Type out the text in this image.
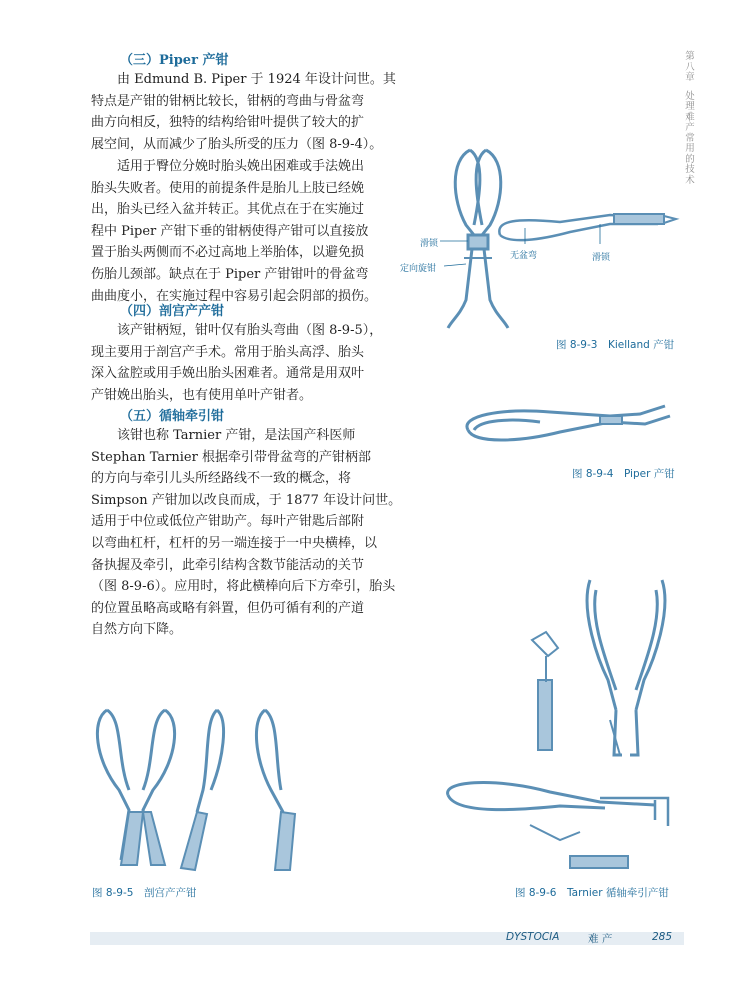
第八章
处理难产常用的技术
（三）Piper 产钳

由 Edmund B. Piper 于 1924 年设计问世。其
特点是产钳的钳柄比较长，钳柄的弯曲与骨盆弯
曲方向相反，独特的结构给钳叶提供了较大的扩
展空间，从而减少了胎头所受的压力（图 8-9-4）。

适用于臀位分娩时胎头娩出困难或手法娩出
胎头失败者。使用的前提条件是胎儿上肢已经娩
出，胎头已经入盆并转正。其优点在于在实施过
程中 Piper 产钳下垂的钳柄使得产钳可以直接放
置于胎头两侧而不必过高地上举胎体，以避免损
伤胎儿颈部。缺点在于 Piper 产钳钳叶的骨盆弯
曲曲度小，在实施过程中容易引起会阴部的损伤。

（四）剖宫产产钳

该产钳柄短，钳叶仅有胎头弯曲（图 8-9-5），
现主要用于剖宫产手术。常用于胎头高浮、胎头
深入盆腔或用手娩出胎头困难者。通常是用双叶
产钳娩出胎头，也有使用单叶产钳者。

（五）循轴牵引钳

该钳也称 Tarnier 产钳，是法国产科医师
Stephan Tarnier 根据牵引带骨盆弯的产钳柄部
的方向与牵引儿头所经路线不一致的概念，将
Simpson 产钳加以改良而成，于 1877 年设计问世。
适用于中位或低位产钳助产。每叶产钳匙后部附
以弯曲杠杆，杠杆的另一端连接于一中央横棒，以
备执握及牵引，此牵引结构含数节能活动的关节
（图 8-9-6）。应用时，将此横棒向后下方牵引，胎头
的位置虽略高或略有斜置，但仍可循有利的产道
自然方向下降。

滑锁
定向旋钳
无盆弯	滑锁
图 8-9-3　Kielland 产钳
图 8-9-4　Piper 产钳
图 8-9-6　Tarnier 循轴牵引产钳
图 8-9-5　剖宫产产钳
DYSTOCIA	难 产	285
